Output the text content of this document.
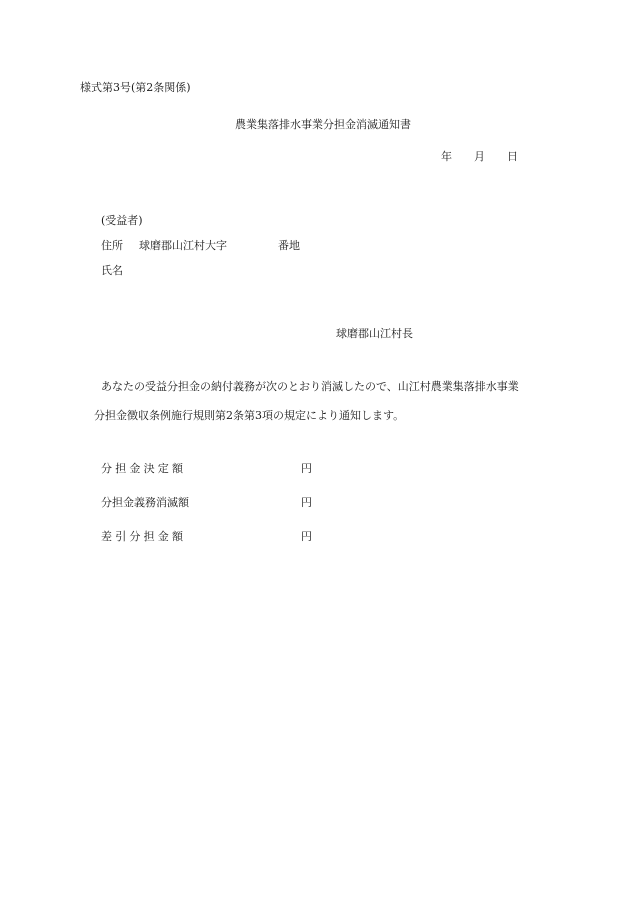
様式第3号(第2条関係)
農業集落排水事業分担金消滅通知書
年 月 日
(受益者)
住所 球磨郡山江村大字	番地
氏名
球磨郡山江村長
あなたの受益分担金の納付義務が次のとおり消滅したので、山江村農業集落排水事業
分担金徴収条例施行規則第2条第3項の規定により通知します。
分担金決定額	円
分担金義務消滅額	円
差引分担金額	円
